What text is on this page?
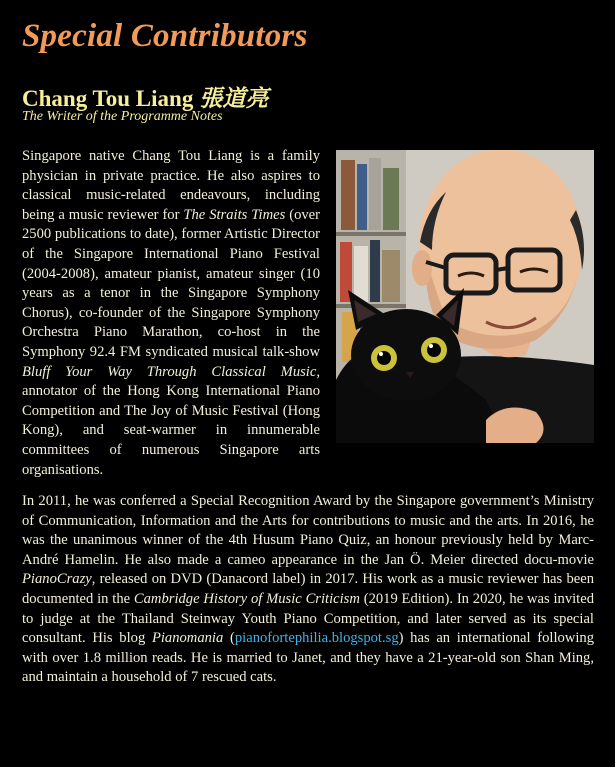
Special Contributors
Chang Tou Liang 張道亮
The Writer of the Programme Notes

Singapore native Chang Tou Liang is a family physician in private practice. He also aspires to classical music-related endeavours, including being a music reviewer for The Straits Times (over 2500 publications to date), former Artistic Director of the Singapore International Piano Festival (2004-2008), amateur pianist, amateur singer (10 years as a tenor in the Singapore Symphony Chorus), co-founder of the Singapore Symphony Orchestra Piano Marathon, co-host in the Symphony 92.4 FM syndicated musical talk-show Bluff Your Way Through Classical Music, annotator of the Hong Kong International Piano Competition and The Joy of Music Festival (Hong Kong), and seat-warmer in innumerable committees of numerous Singapore arts organisations.

In 2011, he was conferred a Special Recognition Award by the Singapore government’s Ministry of Communication, Information and the Arts for contributions to music and the arts. In 2016, he was the unanimous winner of the 4th Husum Piano Quiz, an honour previously held by Marc-André Hamelin. He also made a cameo appearance in the Jan Ö. Meier directed docu-movie PianoCrazy, released on DVD (Danacord label) in 2017. His work as a music reviewer has been documented in the Cambridge History of Music Criticism (2019 Edition). In 2020, he was invited to judge at the Thailand Steinway Youth Piano Competition, and later served as its special consultant. His blog Pianomania (pianofortephilia.blogspot.sg) has an international following with over 1.8 million reads. He is married to Janet, and they have a 21-year-old son Shan Ming, and maintain a household of 7 rescued cats.
